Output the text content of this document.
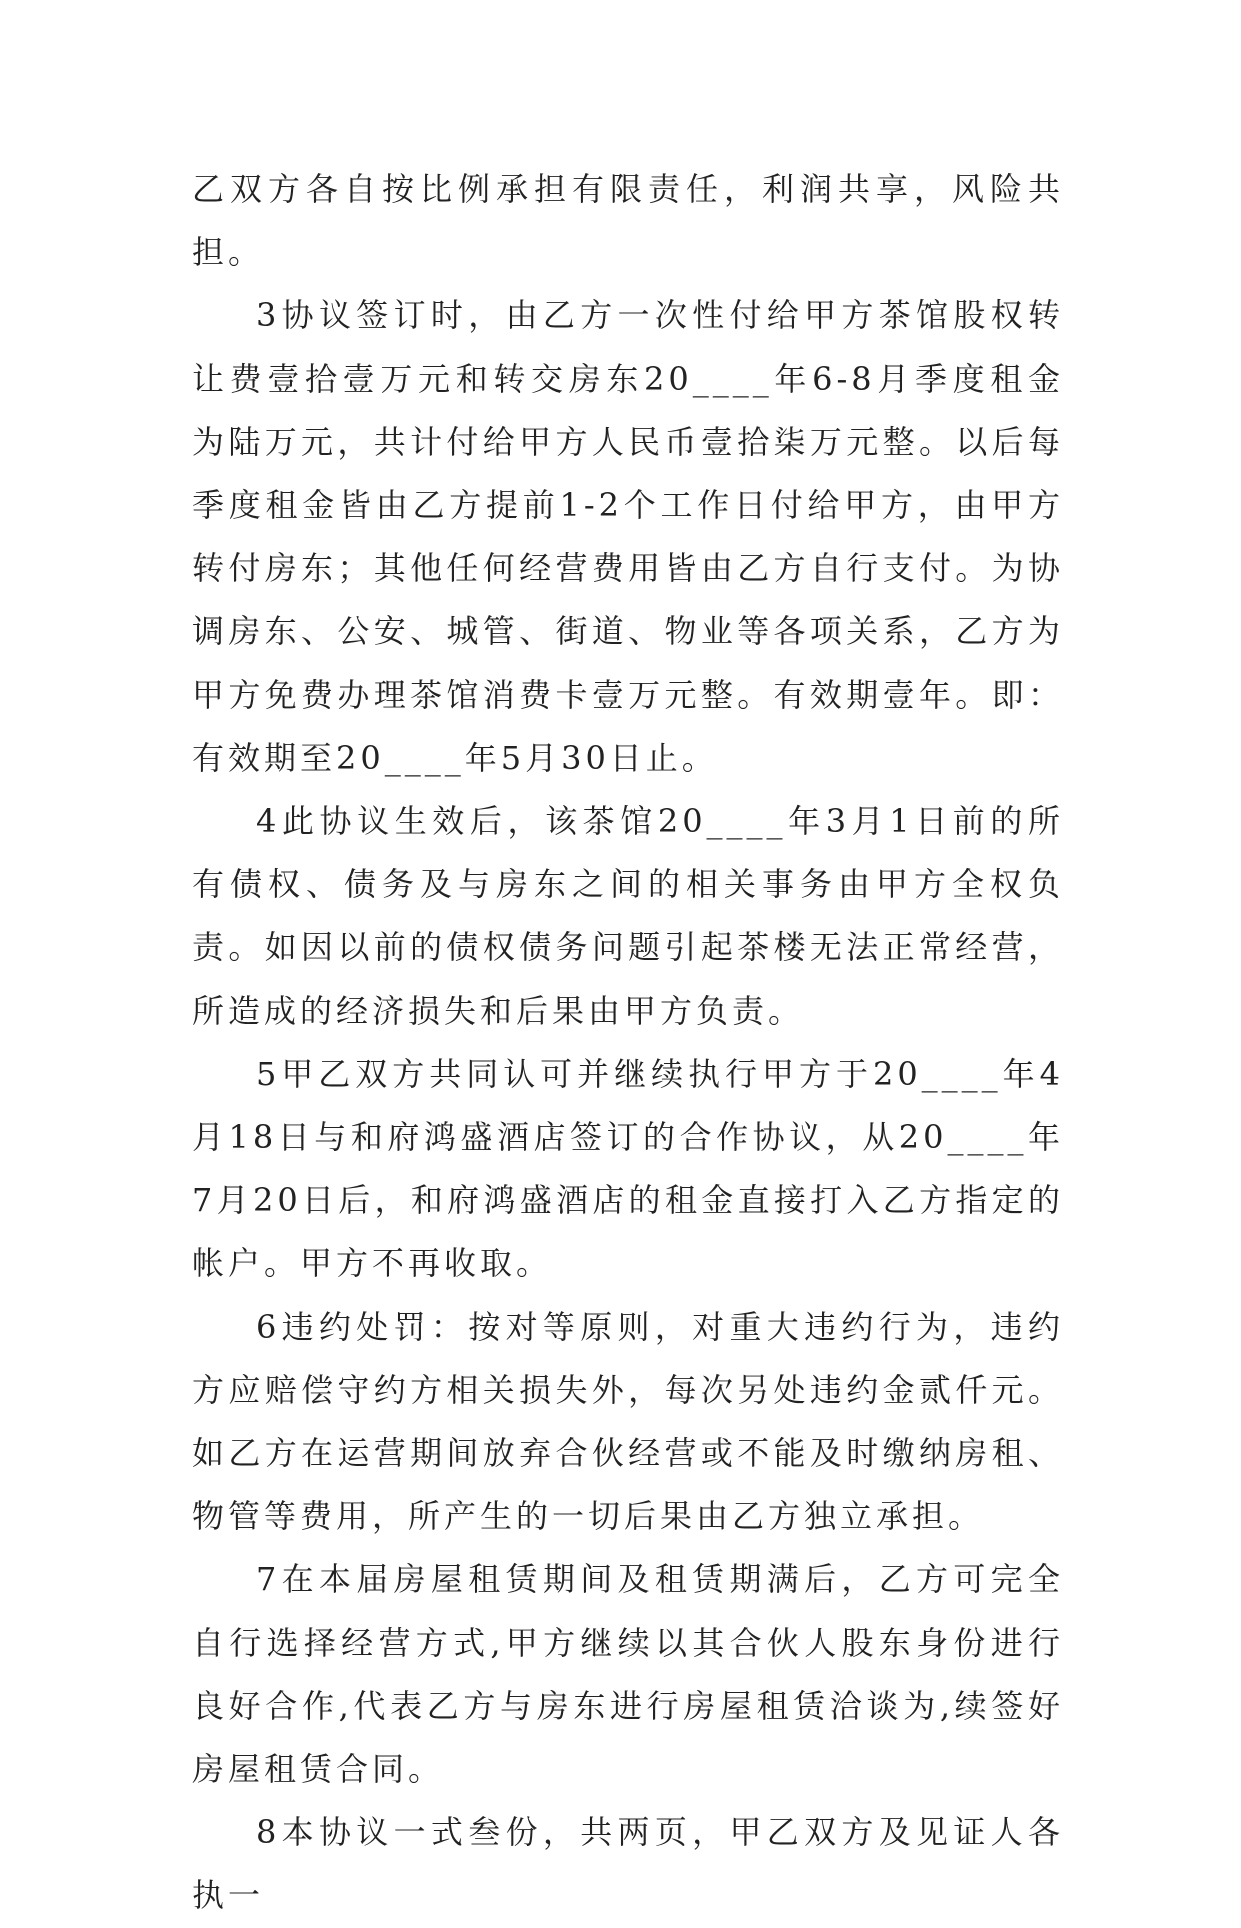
乙双方各自按比例承担有限责任，利润共享，风险共担。

3协议签订时，由乙方一次性付给甲方茶馆股权转让费壹拾壹万元和转交房东20____年6-8月季度租金为陆万元，共计付给甲方人民币壹拾柒万元整。以后每季度租金皆由乙方提前1-2个工作日付给甲方，由甲方转付房东；其他任何经营费用皆由乙方自行支付。为协调房东、公安、城管、街道、物业等各项关系，乙方为甲方免费办理茶馆消费卡壹万元整。有效期壹年。即：有效期至20____年5月30日止。

4此协议生效后，该茶馆20____年3月1日前的所有债权、债务及与房东之间的相关事务由甲方全权负责。如因以前的债权债务问题引起茶楼无法正常经营，所造成的经济损失和后果由甲方负责。

5甲乙双方共同认可并继续执行甲方于20____年4月18日与和府鸿盛酒店签订的合作协议，从20____年7月20日后，和府鸿盛酒店的租金直接打入乙方指定的帐户。甲方不再收取。

6违约处罚：按对等原则，对重大违约行为，违约方应赔偿守约方相关损失外，每次另处违约金贰仟元。如乙方在运营期间放弃合伙经营或不能及时缴纳房租、物管等费用，所产生的一切后果由乙方独立承担。

7在本届房屋租赁期间及租赁期满后，乙方可完全自行选择经营方式,甲方继续以其合伙人股东身份进行良好合作,代表乙方与房东进行房屋租赁洽谈为,续签好房屋租赁合同。

8本协议一式叁份，共两页，甲乙双方及见证人各执一
